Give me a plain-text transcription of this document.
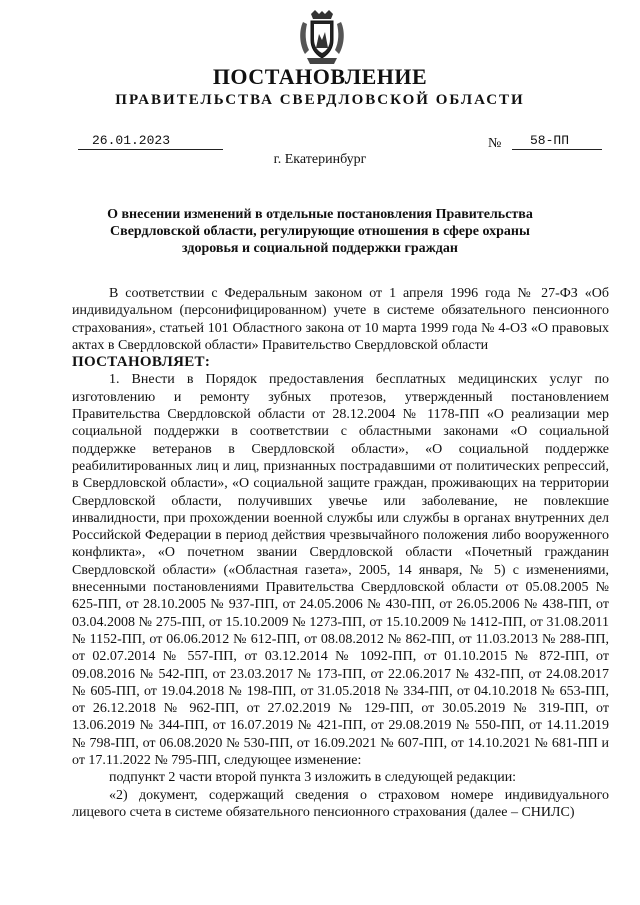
ПОСТАНОВЛЕНИЕ
ПРАВИТЕЛЬСТВА СВЕРДЛОВСКОЙ ОБЛАСТИ
26.01.2023	№ 58-ПП
г. Екатеринбург
О внесении изменений в отдельные постановления Правительства Свердловской области, регулирующие отношения в сфере охраны здоровья и социальной поддержки граждан

В соответствии с Федеральным законом от 1 апреля 1996 года № 27-ФЗ «Об индивидуальном (персонифицированном) учете в системе обязательного пенсионного страхования», статьей 101 Областного закона от 10 марта 1999 года № 4-ОЗ «О правовых актах в Свердловской области» Правительство Свердловской области

ПОСТАНОВЛЯЕТ:

1. Внести в Порядок предоставления бесплатных медицинских услуг по изготовлению и ремонту зубных протезов, утвержденный постановлением Правительства Свердловской области от 28.12.2004 № 1178-ПП «О реализации мер социальной поддержки в соответствии с областными законами «О социальной поддержке ветеранов в Свердловской области», «О социальной поддержке реабилитированных лиц и лиц, признанных пострадавшими от политических репрессий, в Свердловской области», «О социальной защите граждан, проживающих на территории Свердловской области, получивших увечье или заболевание, не повлекшие инвалидности, при прохождении военной службы или службы в органах внутренних дел Российской Федерации в период действия чрезвычайного положения либо вооруженного конфликта», «О почетном звании Свердловской области «Почетный гражданин Свердловской области» («Областная газета», 2005, 14 января, № 5) с изменениями, внесенными постановлениями Правительства Свердловской области от 05.08.2005 № 625-ПП, от 28.10.2005 № 937-ПП, от 24.05.2006 № 430-ПП, от 26.05.2006 № 438-ПП, от 03.04.2008 № 275-ПП, от 15.10.2009 № 1273-ПП, от 15.10.2009 № 1412-ПП, от 31.08.2011 № 1152-ПП, от 06.06.2012 № 612-ПП, от 08.08.2012 № 862-ПП, от 11.03.2013 № 288-ПП, от 02.07.2014 № 557-ПП, от 03.12.2014 № 1092-ПП, от 01.10.2015 № 872-ПП, от 09.08.2016 № 542-ПП, от 23.03.2017 № 173-ПП, от 22.06.2017 № 432-ПП, от 24.08.2017 № 605-ПП, от 19.04.2018 № 198-ПП, от 31.05.2018 № 334-ПП, от 04.10.2018 № 653-ПП, от 26.12.2018 № 962-ПП, от 27.02.2019 № 129-ПП, от 30.05.2019 № 319-ПП, от 13.06.2019 № 344-ПП, от 16.07.2019 № 421-ПП, от 29.08.2019 № 550-ПП, от 14.11.2019 № 798-ПП, от 06.08.2020 № 530-ПП, от 16.09.2021 № 607-ПП, от 14.10.2021 № 681-ПП и от 17.11.2022 № 795-ПП, следующее изменение:

подпункт 2 части второй пункта 3 изложить в следующей редакции:

«2) документ, содержащий сведения о страховом номере индивидуального лицевого счета в системе обязательного пенсионного страхования (далее – СНИЛС)
